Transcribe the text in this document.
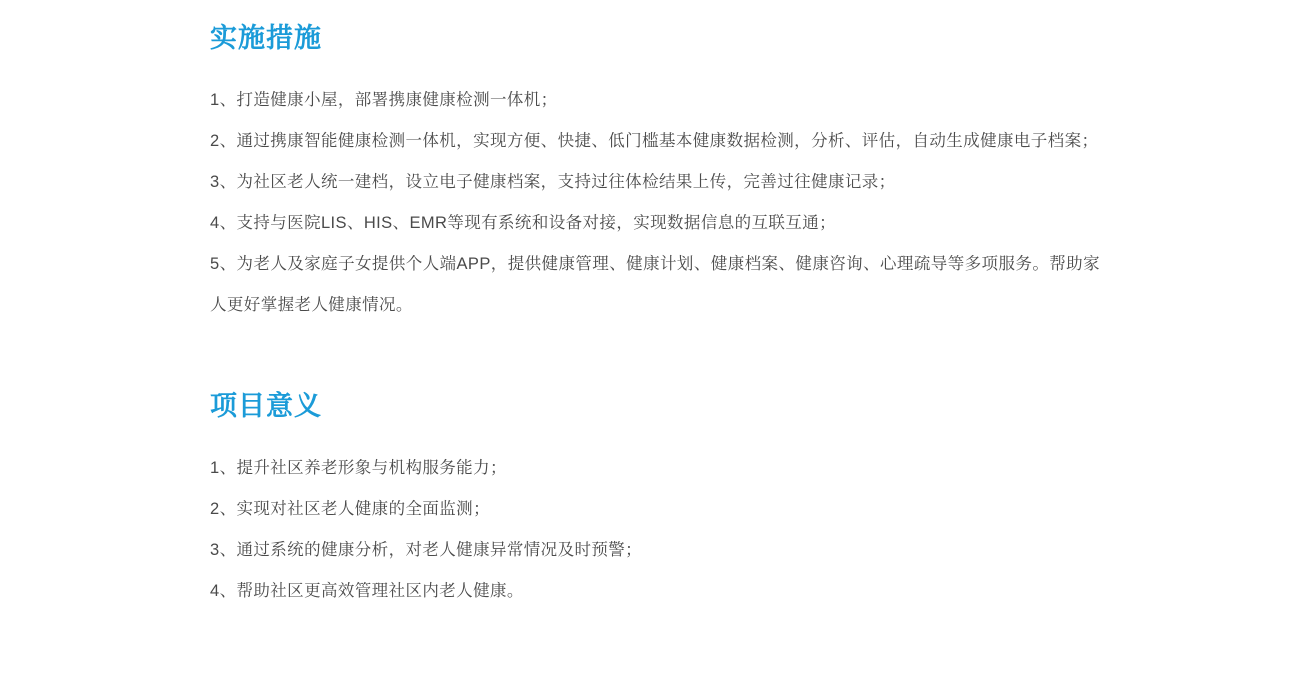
实施措施

1、打造健康小屋，部署携康健康检测一体机；

2、通过携康智能健康检测一体机，实现方便、快捷、低门槛基本健康数据检测，分析、评估，自动生成健康电子档案；

3、为社区老人统一建档，设立电子健康档案，支持过往体检结果上传，完善过往健康记录；

4、支持与医院LIS、HIS、EMR等现有系统和设备对接，实现数据信息的互联互通；

5、为老人及家庭子女提供个人端APP，提供健康管理、健康计划、健康档案、健康咨询、心理疏导等多项服务。帮助家人更好掌握老人健康情况。

项目意义

1、提升社区养老形象与机构服务能力；

2、实现对社区老人健康的全面监测；

3、通过系统的健康分析，对老人健康异常情况及时预警；

4、帮助社区更高效管理社区内老人健康。
